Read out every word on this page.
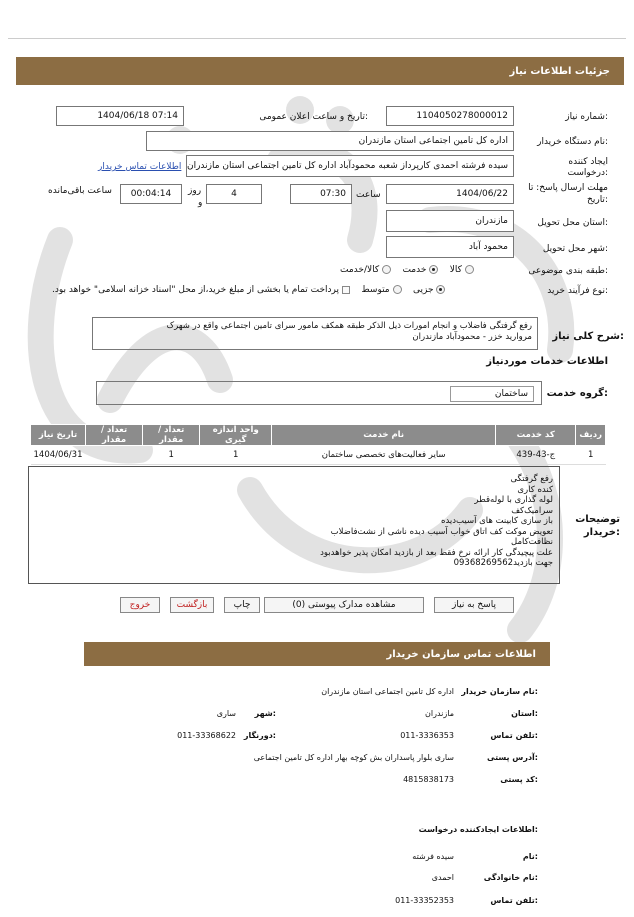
جزئیات اطلاعات نیاز
شماره نیاز:
1104050278000012
تاریخ و ساعت اعلان عمومی:
1404/06/18 07:14
نام دستگاه خریدار:
اداره کل تامین اجتماعی استان مازندران
ایجاد کننده
درخواست:
سیده فرشته احمدی کارپرداز شعبه محمودآباد اداره کل تامین اجتماعی استان مازندران
اطلاعات تماس خریدار
مهلت ارسال پاسخ: تا
تاریخ:
1404/06/22
ساعت
07:30
4
روز
و
00:04:14
ساعت باقی‌مانده
استان محل تحویل:
مازندران
شهر محل تحویل:
محمود آباد
طبقه بندی موضوعی:
کالا     خدمت     کالا/خدمت
نوع فرآیند خرید:
جزیی     متوسط     پرداخت تمام یا بخشی از مبلغ خرید،از محل "اسناد خزانه اسلامی" خواهد بود.
شرح کلی نیاز:
رفع گرفتگی فاضلاب و انجام امورات ذیل الذکر طبقه همکف مامور سرای تامین اجتماعی واقع در شهرک
مروارید خزر - محمودآباد مازندران
اطلاعات خدمات موردنیاز
گروه خدمت:
ساختمان
ردیف	کد خدمت	نام خدمت	واحد اندازه گیری	تعداد / مقدار	تعداد / مقدار	تاریخ نیاز
1	ج-43-439	سایر فعالیت‌های تخصصی ساختمان	1	1		1404/06/31
توضیحات
خریدار:
رفع گرفتگی
کنده کاری
لوله گذاری با لوله‌قطر
سرامیک‌کف
باز سازی کابینت های آسیب‌دیده
تعویض موکت کف اتاق خواب آسیب دیده ناشی از نشت‌فاضلاب
نظافت‌کامل
علت پیچیدگی کار ارائه نرخ فقط بعد از بازدید امکان پذیر خواهدبود
جهت بازدید09368269562
پاسخ به نیاز
مشاهده مدارک پیوستی (0)
چاپ
بازگشت
خروج
اطلاعات تماس سازمان خریدار
نام سازمان خریدار:
اداره کل تامین اجتماعی استان مازندران
استان:
مازندران
شهر:
ساری
تلفن تماس:
011-3336353
دورنگار:
011-33368622
آدرس پستی:
ساری بلوار پاسداران بش کوچه بهار اداره کل تامین اجتماعی
کد پستی:
4815838173
اطلاعات ایجادکننده درخواست:
نام:
سیده فرشته
نام خانوادگی:
احمدی
تلفن تماس:
011-33352353
